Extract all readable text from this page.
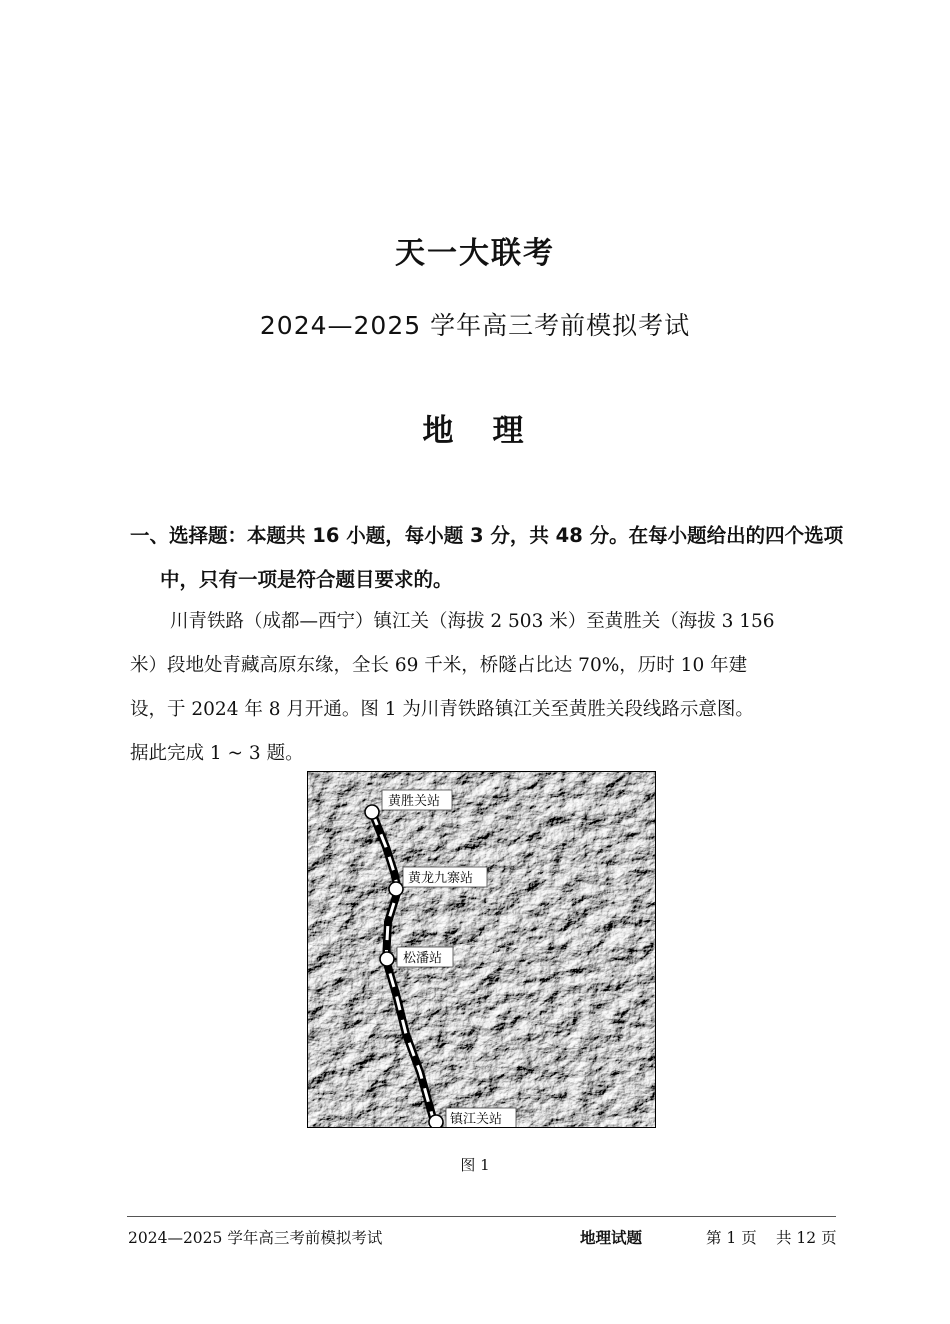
天一大联考
2024—2025 学年高三考前模拟考试
地　理
一、选择题：本题共 16 小题，每小题 3 分，共 48 分。在每小题给出的四个选项
中，只有一项是符合题目要求的。
川青铁路（成都—西宁）镇江关（海拔 2 503 米）至黄胜关（海拔 3 156
米）段地处青藏高原东缘，全长 69 千米，桥隧占比达 70%，历时 10 年建
设，于 2024 年 8 月开通。图 1 为川青铁路镇江关至黄胜关段线路示意图。
据此完成 1 ~ 3 题。
黄胜关站
黄龙九寨站
松潘站
镇江关站
图 1
2024—2025 学年高三考前模拟考试	地理试题	第 1 页 共 12 页
